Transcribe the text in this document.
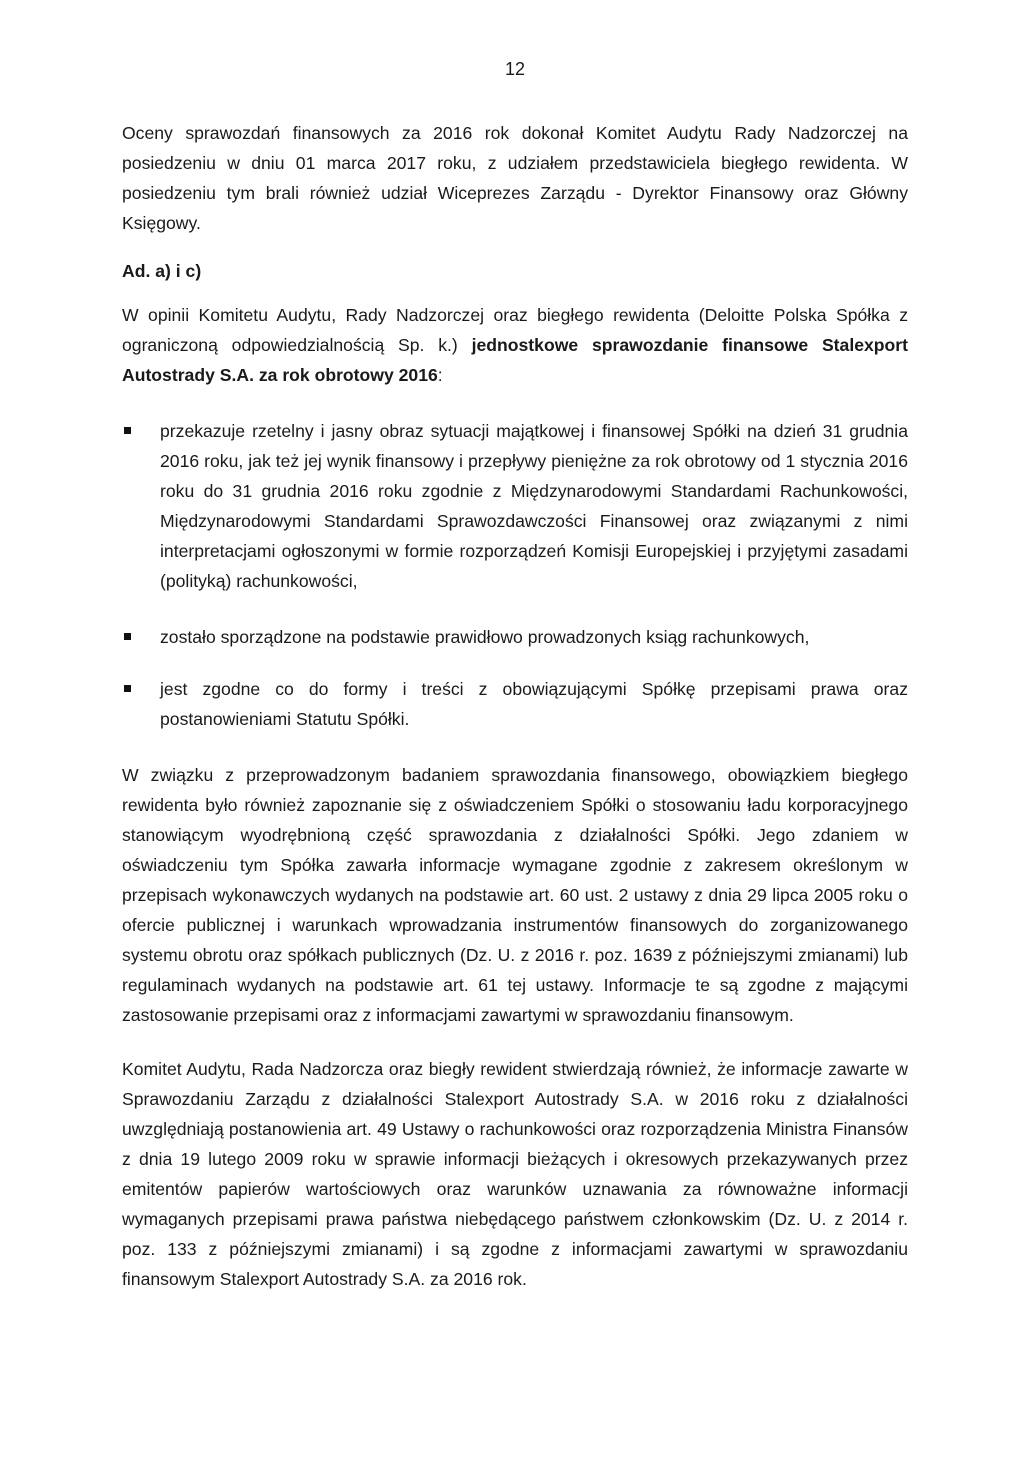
12

Oceny sprawozdań finansowych za 2016 rok dokonał Komitet Audytu Rady Nadzorczej na posiedzeniu w dniu 01 marca 2017 roku, z udziałem przedstawiciela biegłego rewidenta. W posiedzeniu tym brali również udział Wiceprezes Zarządu - Dyrektor Finansowy oraz Główny Księgowy.

Ad. a) i c)

W opinii Komitetu Audytu, Rady Nadzorczej oraz biegłego rewidenta (Deloitte Polska Spółka z ograniczoną odpowiedzialnością Sp. k.) jednostkowe sprawozdanie finansowe Stalexport Autostrady S.A. za rok obrotowy 2016:

przekazuje rzetelny i jasny obraz sytuacji majątkowej i finansowej Spółki na dzień 31 grudnia 2016 roku, jak też jej wynik finansowy i przepływy pieniężne za rok obrotowy od 1 stycznia 2016 roku do 31 grudnia 2016 roku zgodnie z Międzynarodowymi Standardami Rachunkowości, Międzynarodowymi Standardami Sprawozdawczości Finansowej oraz związanymi z nimi interpretacjami ogłoszonymi w formie rozporządzeń Komisji Europejskiej i przyjętymi zasadami (polityką) rachunkowości,
zostało sporządzone na podstawie prawidłowo prowadzonych ksiąg rachunkowych,
jest zgodne co do formy i treści z obowiązującymi Spółkę przepisami prawa oraz postanowieniami Statutu Spółki.

W związku z przeprowadzonym badaniem sprawozdania finansowego, obowiązkiem biegłego rewidenta było również zapoznanie się z oświadczeniem Spółki o stosowaniu ładu korporacyjnego stanowiącym wyodrębnioną część sprawozdania z działalności Spółki. Jego zdaniem w oświadczeniu tym Spółka zawarła informacje wymagane zgodnie z zakresem określonym w przepisach wykonawczych wydanych na podstawie art. 60 ust. 2 ustawy z dnia 29 lipca 2005 roku o ofercie publicznej i warunkach wprowadzania instrumentów finansowych do zorganizowanego systemu obrotu oraz spółkach publicznych (Dz. U. z 2016 r. poz. 1639 z późniejszymi zmianami) lub regulaminach wydanych na podstawie art. 61 tej ustawy. Informacje te są zgodne z mającymi zastosowanie przepisami oraz z informacjami zawartymi w sprawozdaniu finansowym.

Komitet Audytu, Rada Nadzorcza oraz biegły rewident stwierdzają również, że informacje zawarte w Sprawozdaniu Zarządu z działalności Stalexport Autostrady S.A. w 2016 roku z działalności uwzględniają postanowienia art. 49 Ustawy o rachunkowości oraz rozporządzenia Ministra Finansów z dnia 19 lutego 2009 roku w sprawie informacji bieżących i okresowych przekazywanych przez emitentów papierów wartościowych oraz warunków uznawania za równoważne informacji wymaganych przepisami prawa państwa niebędącego państwem członkowskim (Dz. U. z 2014 r. poz. 133 z późniejszymi zmianami) i są zgodne z informacjami zawartymi w sprawozdaniu finansowym Stalexport Autostrady S.A. za 2016 rok.
